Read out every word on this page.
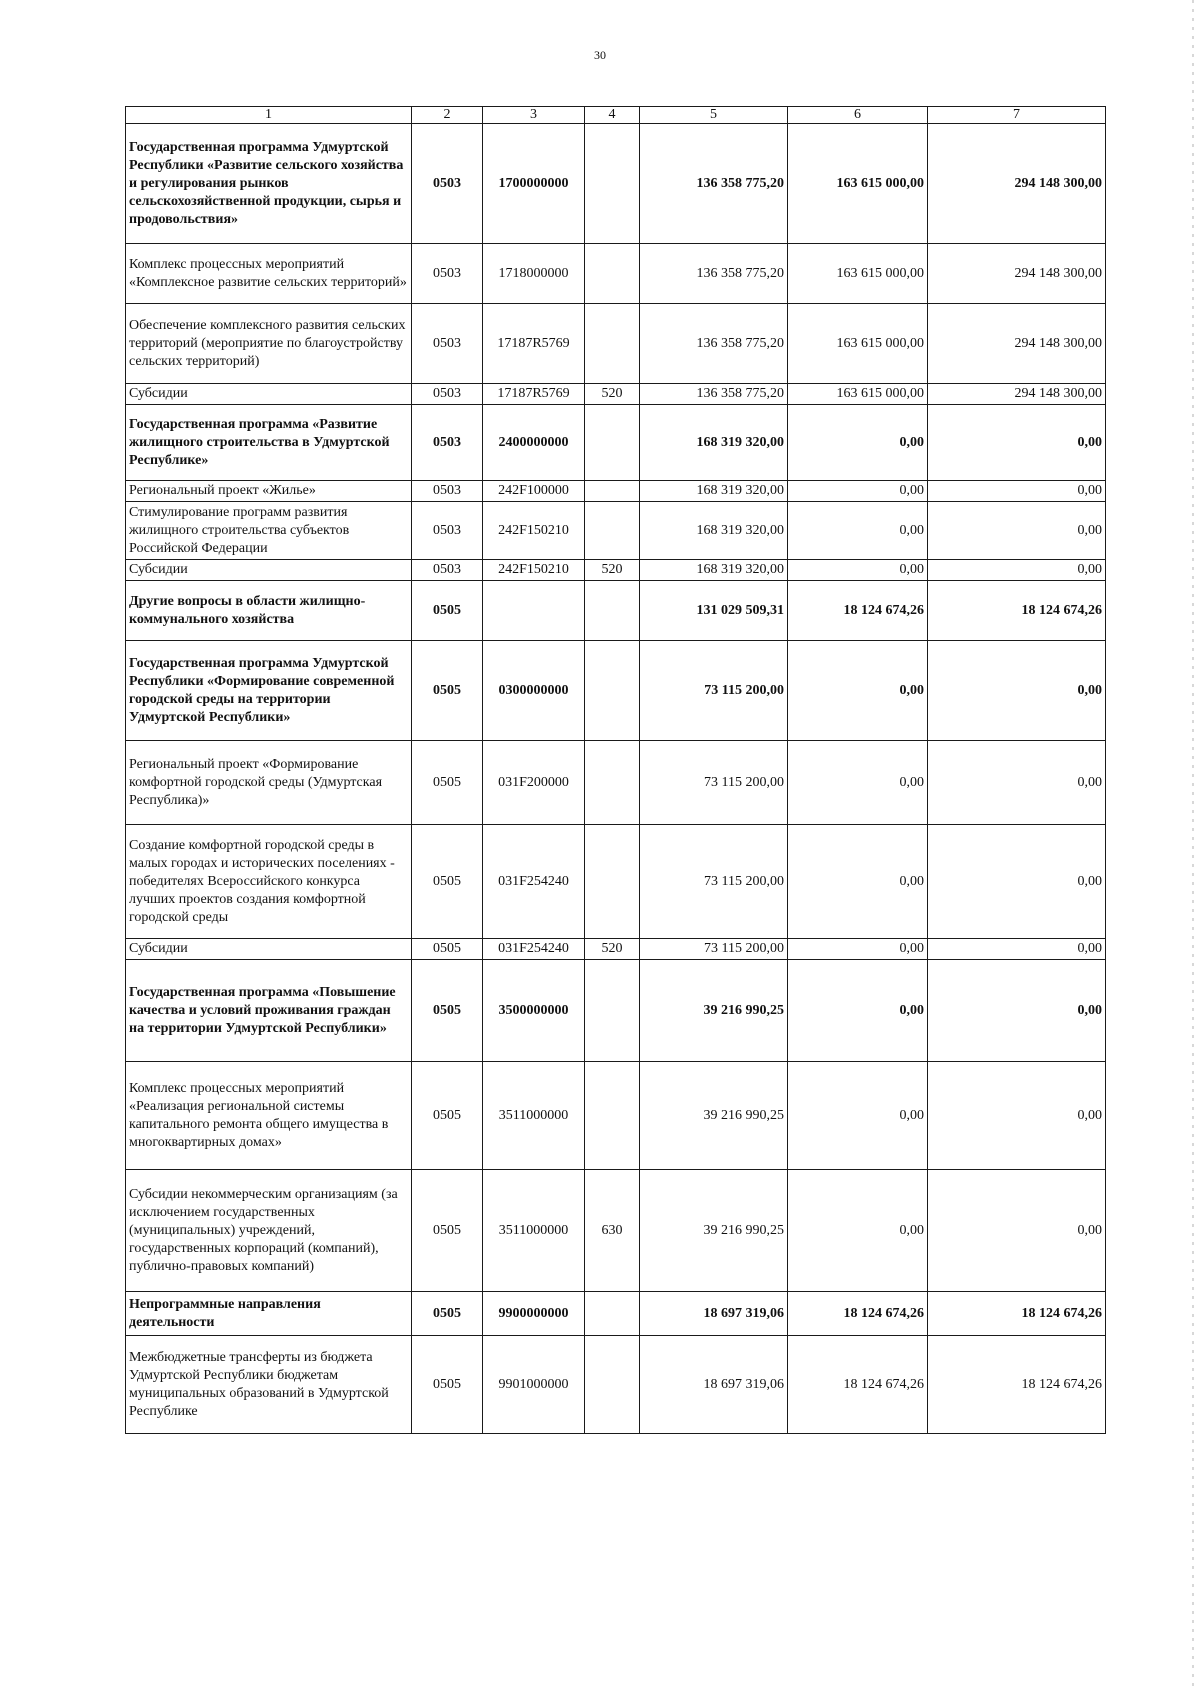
30
1	2	3	4	5	6	7
Государственная программа Удмуртской Республики «Развитие сельского хозяйства и регулирования рынков сельскохозяйственной продукции, сырья и продовольствия»	0503	1700000000		136 358 775,20	163 615 000,00	294 148 300,00
Комплекс процессных мероприятий «Комплексное развитие сельских территорий»	0503	1718000000		136 358 775,20	163 615 000,00	294 148 300,00
Обеспечение комплексного развития сельских территорий (мероприятие по благоустройству сельских территорий)	0503	17187R5769		136 358 775,20	163 615 000,00	294 148 300,00
Субсидии	0503	17187R5769	520	136 358 775,20	163 615 000,00	294 148 300,00
Государственная программа «Развитие жилищного строительства в Удмуртской Республике»	0503	2400000000		168 319 320,00	0,00	0,00
Региональный проект «Жилье»	0503	242F100000		168 319 320,00	0,00	0,00
Стимулирование программ развития жилищного строительства субъектов Российской Федерации	0503	242F150210		168 319 320,00	0,00	0,00
Субсидии	0503	242F150210	520	168 319 320,00	0,00	0,00
Другие вопросы в области жилищно-коммунального хозяйства	0505			131 029 509,31	18 124 674,26	18 124 674,26
Государственная программа Удмуртской Республики «Формирование современной городской среды на территории Удмуртской Республики»	0505	0300000000		73 115 200,00	0,00	0,00
Региональный проект «Формирование комфортной городской среды (Удмуртская Республика)»	0505	031F200000		73 115 200,00	0,00	0,00
Создание комфортной городской среды в малых городах и исторических поселениях - победителях Всероссийского конкурса лучших проектов создания комфортной городской среды	0505	031F254240		73 115 200,00	0,00	0,00
Субсидии	0505	031F254240	520	73 115 200,00	0,00	0,00
Государственная программа «Повышение качества и условий проживания граждан на территории Удмуртской Республики»	0505	3500000000		39 216 990,25	0,00	0,00
Комплекс процессных мероприятий «Реализация региональной системы капитального ремонта общего имущества в многоквартирных домах»	0505	3511000000		39 216 990,25	0,00	0,00
Субсидии некоммерческим организациям (за исключением государственных (муниципальных) учреждений, государственных корпораций (компаний), публично-правовых компаний)	0505	3511000000	630	39 216 990,25	0,00	0,00
Непрограммные направления деятельности	0505	9900000000		18 697 319,06	18 124 674,26	18 124 674,26
Межбюджетные трансферты из бюджета Удмуртской Республики бюджетам муниципальных образований в Удмуртской Республике	0505	9901000000		18 697 319,06	18 124 674,26	18 124 674,26
